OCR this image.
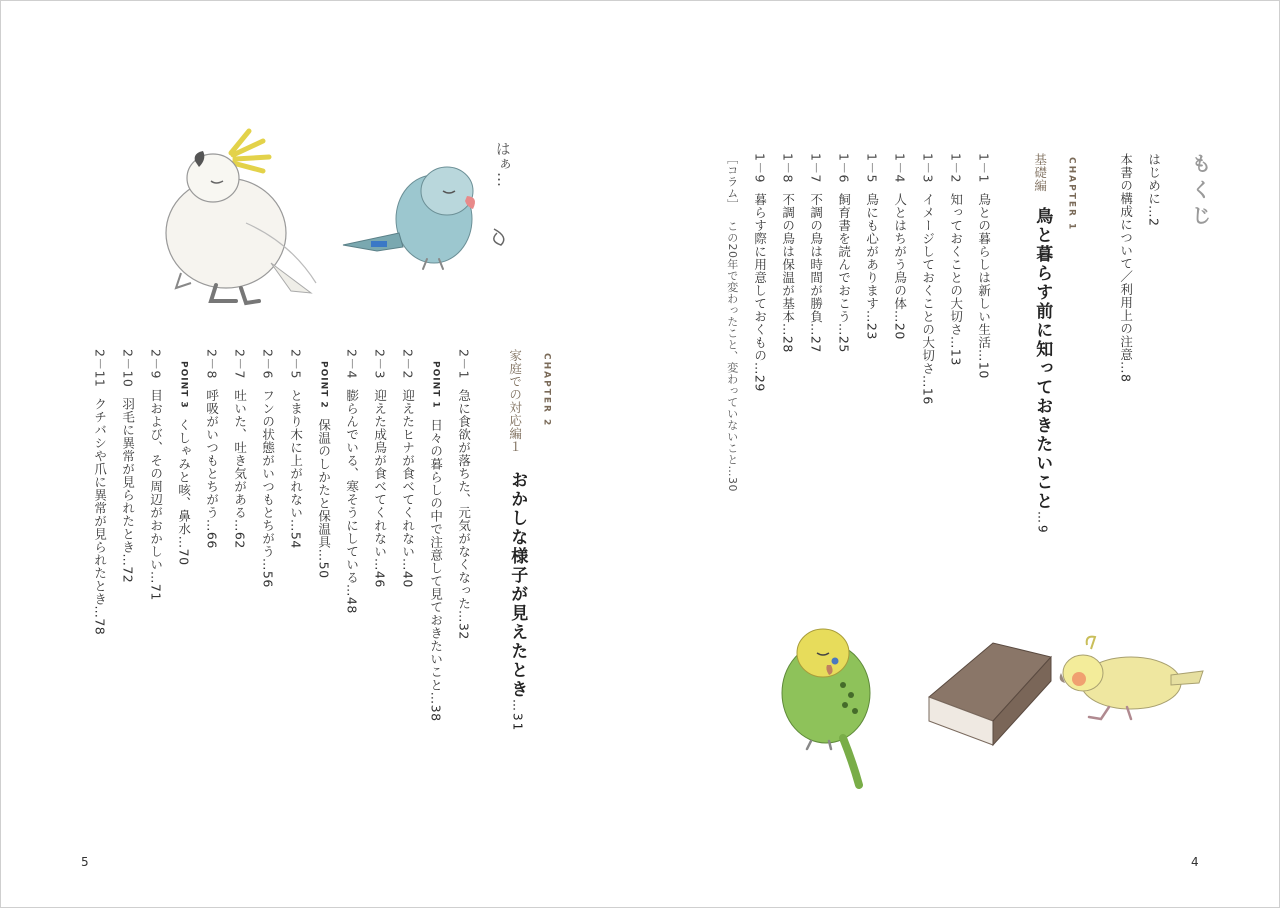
もくじ
はじめに…2
本書の構成について／利用上の注意…8
CHAPTER 1
基礎編
鳥と暮らす前に知っておきたいこと…9
1－1鳥との暮らしは新しい生活…10
1－2知っておくことの大切さ…13
1－3イメージしておくことの大切さ…16
1－4人とはちがう鳥の体…20
1－5鳥にも心があります…23
1－6飼育書を読んでおこう…25
1－7不調の鳥は時間が勝負…27
1－8不調の鳥は保温が基本…28
1－9暮らす際に用意しておくもの…29
［コラム］この20年で変わったこと、変わっていないこと…30
4
CHAPTER 2
家庭での対応編１
おかしな様子が見えたとき…31
2－1急に食欲が落ちた、元気がなくなった…32
POINT 1日々の暮らしの中で注意して見ておきたいこと…38
2－2迎えたヒナが食べてくれない…40
2－3迎えた成鳥が食べてくれない…46
2－4膨らんでいる、寒そうにしている…48
POINT 2保温のしかたと保温具…50
2－5とまり木に上がれない…54
2－6フンの状態がいつもとちがう…56
2－7吐いた、吐き気がある…62
2－8呼吸がいつもとちがう…66
POINT 3くしゃみと咳、鼻水…70
2－9目および、その周辺がおかしい…71
2－10羽毛に異常が見られたとき…72
2－11クチバシや爪に異常が見られたとき…78
5
はぁ…
